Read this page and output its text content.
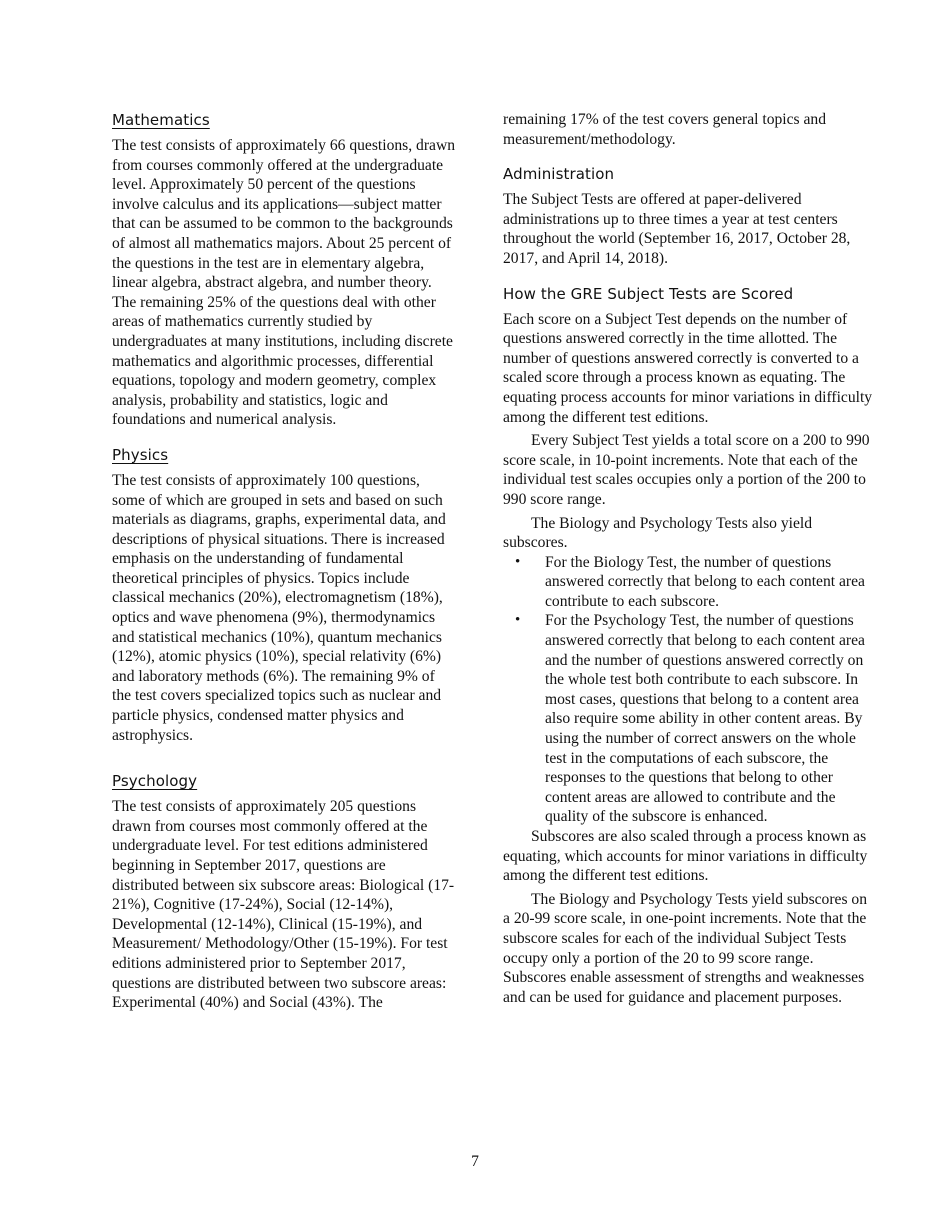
Mathematics

The test consists of approximately 66 questions, drawn from courses commonly offered at the undergraduate level. Approximately 50 percent of the questions involve calculus and its applications—subject matter that can be assumed to be common to the backgrounds of almost all mathematics majors. About 25 percent of the questions in the test are in elementary algebra, linear algebra, abstract algebra, and number theory. The remaining 25% of the questions deal with other areas of mathematics currently studied by undergraduates at many institutions, including discrete mathematics and algorithmic processes, differential equations, topology and modern geometry, complex analysis, probability and statistics, logic and foundations and numerical analysis.

Physics

The test consists of approximately 100 questions, some of which are grouped in sets and based on such materials as diagrams, graphs, experimental data, and descriptions of physical situations. There is increased emphasis on the understanding of fundamental theoretical principles of physics. Topics include classical mechanics (20%), electromagnetism (18%), optics and wave phenomena (9%), thermodynamics and statistical mechanics (10%), quantum mechanics (12%), atomic physics (10%), special relativity (6%) and laboratory methods (6%). The remaining 9% of the test covers specialized topics such as nuclear and particle physics, condensed matter physics and astrophysics.

Psychology

The test consists of approximately 205 questions drawn from courses most commonly offered at the undergraduate level. For test editions administered beginning in September 2017, questions are distributed between six subscore areas: Biological (17-21%), Cognitive (17-24%), Social (12-14%), Developmental (12-14%), Clinical (15-19%), and Measurement/ Methodology/Other (15-19%). For test editions administered prior to September 2017, questions are distributed between two subscore areas: Experimental (40%) and Social (43%). The

remaining 17% of the test covers general topics and measurement/methodology.

Administration

The Subject Tests are offered at paper-delivered administrations up to three times a year at test centers throughout the world (September 16, 2017, October 28, 2017, and April 14, 2018).

How the GRE Subject Tests are Scored

Each score on a Subject Test depends on the number of questions answered correctly in the time allotted. The number of questions answered correctly is converted to a scaled score through a process known as equating. The equating process accounts for minor variations in difficulty among the different test editions.

Every Subject Test yields a total score on a 200 to 990 score scale, in 10-point increments. Note that each of the individual test scales occupies only a portion of the 200 to 990 score range.

The Biology and Psychology Tests also yield subscores.

• For the Biology Test, the number of questions answered correctly that belong to each content area contribute to each subscore.
• For the Psychology Test, the number of questions answered correctly that belong to each content area and the number of questions answered correctly on the whole test both contribute to each subscore. In most cases, questions that belong to a content area also require some ability in other content areas. By using the number of correct answers on the whole test in the computations of each subscore, the responses to the questions that belong to other content areas are allowed to contribute and the quality of the subscore is enhanced.

Subscores are also scaled through a process known as equating, which accounts for minor variations in difficulty among the different test editions.

The Biology and Psychology Tests yield subscores on a 20-99 score scale, in one-point increments. Note that the subscore scales for each of the individual Subject Tests occupy only a portion of the 20 to 99 score range. Subscores enable assessment of strengths and weaknesses and can be used for guidance and placement purposes.

7
